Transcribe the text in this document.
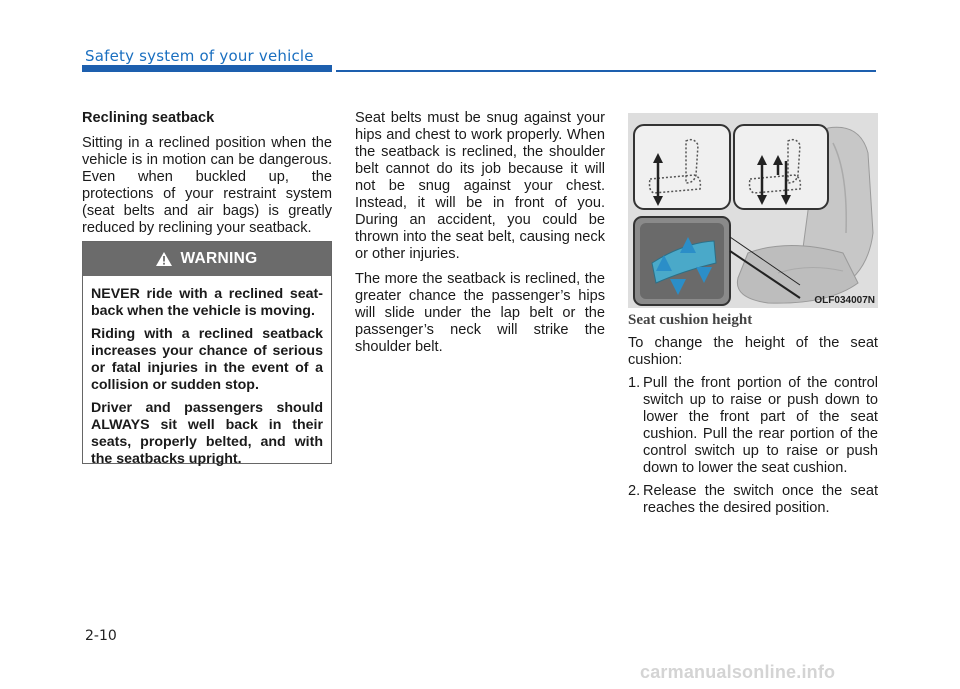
Safety system of your vehicle

Reclining seatback

Sitting in a reclined position when the vehicle is in motion can be dangerous. Even when buckled up, the protections of your restraint system (seat belts and air bags) is greatly reduced by reclining your seatback.

WARNING

NEVER ride with a reclined seat-back when the vehicle is moving.

Riding with a reclined seatback increases your chance of serious or fatal injuries in the event of a collision or sudden stop.

Driver and passengers should ALWAYS sit well back in their seats, properly belted, and with the seatbacks upright.

Seat belts must be snug against your hips and chest to work properly. When the seatback is reclined, the shoulder belt cannot do its job because it will not be snug against your chest. Instead, it will be in front of you. During an accident, you could be thrown into the seat belt, causing neck or other injuries.

The more the seatback is reclined, the greater chance the passenger’s hips will slide under the lap belt or the passenger’s neck will strike the shoulder belt.

OLF034007N

Seat cushion height

To change the height of the seat cushion:

1. Pull the front portion of the control switch up to raise or push down to lower the front part of the seat cushion. Pull the rear portion of the control switch up to raise or push down to lower the seat cushion.
2. Release the switch once the seat reaches the desired position.
2-10
carmanualsonline.info
